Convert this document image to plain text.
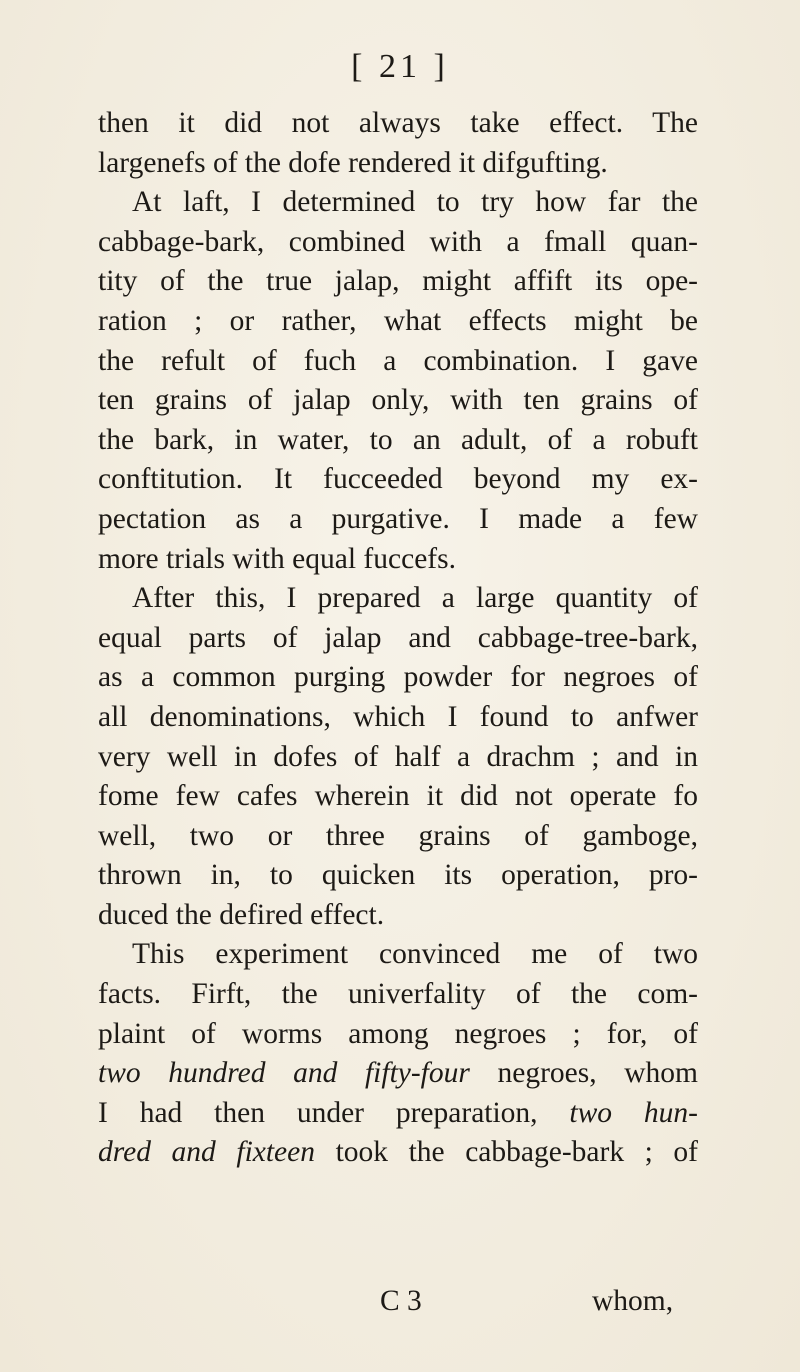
[ 21 ]
then it did not always take effect. The
largenefs of the dofe rendered it difgufting.
At laft, I determined to try how far the
cabbage-bark, combined with a fmall quan-
tity of the true jalap, might affift its ope-
ration ; or rather, what effects might be
the refult of fuch a combination. I gave
ten grains of jalap only, with ten grains of
the bark, in water, to an adult, of a robuft
conftitution. It fucceeded beyond my ex-
pectation as a purgative. I made a few
more trials with equal fuccefs.
After this, I prepared a large quantity of
equal parts of jalap and cabbage-tree-bark,
as a common purging powder for negroes of
all denominations, which I found to anfwer
very well in dofes of half a drachm ; and in
fome few cafes wherein it did not operate fo
well, two or three grains of gamboge,
thrown in, to quicken its operation, pro-
duced the defired effect.
This experiment convinced me of two
facts. Firft, the univerfality of the com-
plaint of worms among negroes ; for, of
two hundred and fifty-four negroes, whom
I had then under preparation, two hun-
dred and fixteen took the cabbage-bark ; of
C 3	whom,
